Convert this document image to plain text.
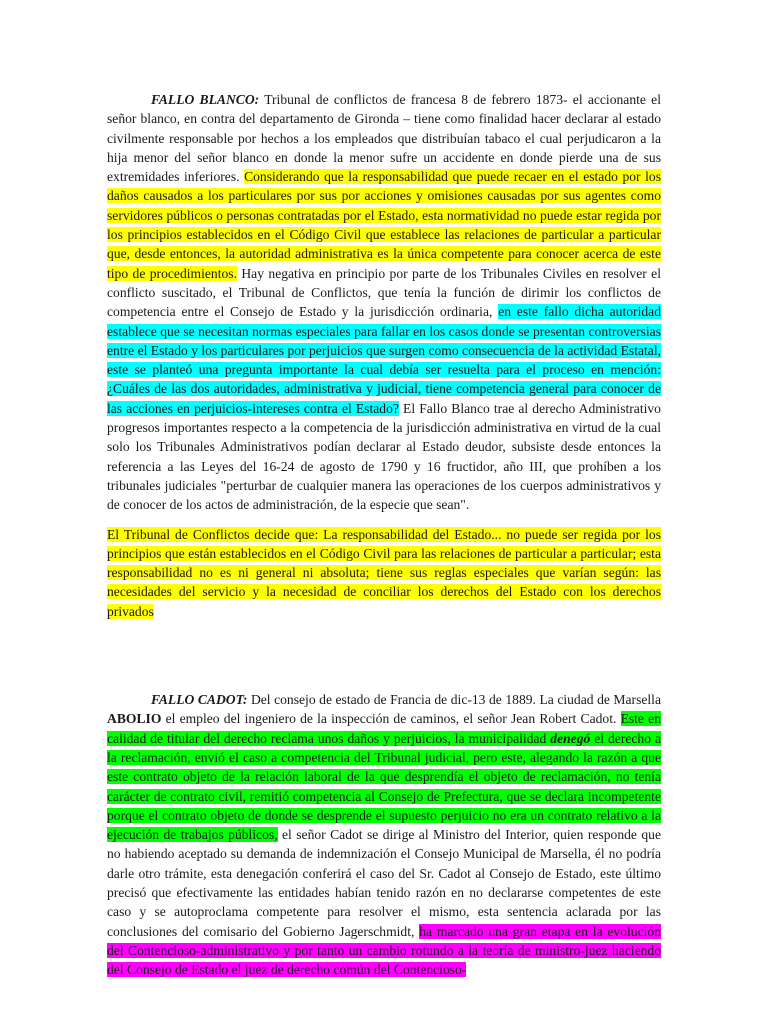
FALLO BLANCO: Tribunal de conflictos de francesa 8 de febrero 1873- el accionante el señor blanco, en contra del departamento de Gironda – tiene como finalidad hacer declarar al estado civilmente responsable por hechos a los empleados que distribuían tabaco el cual perjudicaron a la hija menor del señor blanco en donde la menor sufre un accidente en donde pierde una de sus extremidades inferiores. Considerando que la responsabilidad que puede recaer en el estado por los daños causados a los particulares por sus por acciones y omisiones causadas por sus agentes como servidores públicos o personas contratadas por el Estado, esta normatividad no puede estar regida por los principios establecidos en el Código Civil que establece las relaciones de particular a particular que, desde entonces, la autoridad administrativa es la única competente para conocer acerca de este tipo de procedimientos. Hay negativa en principio por parte de los Tribunales Civiles en resolver el conflicto suscitado, el Tribunal de Conflictos, que tenía la función de dirimir los conflictos de competencia entre el Consejo de Estado y la jurisdicción ordinaria, en este fallo dicha autoridad establece que se necesitan normas especiales para fallar en los casos donde se presentan controversias entre el Estado y los particulares por perjuicios que surgen como consecuencia de la actividad Estatal, este se planteó una pregunta importante la cual debía ser resuelta para el proceso en mención: ¿Cuáles de las dos autoridades, administrativa y judicial, tiene competencia general para conocer de las acciones en perjuicios-intereses contra el Estado? El Fallo Blanco trae al derecho Administrativo progresos importantes respecto a la competencia de la jurisdicción administrativa en virtud de la cual solo los Tribunales Administrativos podían declarar al Estado deudor, subsiste desde entonces la referencia a las Leyes del 16-24 de agosto de 1790 y 16 fructidor, año III, que prohíben a los tribunales judiciales "perturbar de cualquier manera las operaciones de los cuerpos administrativos y de conocer de los actos de administración, de la especie que sean".

El Tribunal de Conflictos decide que: La responsabilidad del Estado... no puede ser regida por los principios que están establecidos en el Código Civil para las relaciones de particular a particular; esta responsabilidad no es ni general ni absoluta; tiene sus reglas especiales que varían según: las necesidades del servicio y la necesidad de conciliar los derechos del Estado con los derechos privados

FALLO CADOT: Del consejo de estado de Francia de dic-13 de 1889. La ciudad de Marsella ABOLIO el empleo del ingeniero de la inspección de caminos, el señor Jean Robert Cadot. Este en calidad de titular del derecho reclama unos daños y perjuicios, la municipalidad denegó el derecho a la reclamación, envió el caso a competencia del Tribunal judicial, pero este, alegando la razón a que este contrato objeto de la relación laboral de la que desprendía el objeto de reclamación, no tenía carácter de contrato civil, remitió competencia al Consejo de Prefectura, que se declara incompetente porque el contrato objeto de donde se desprende el supuesto perjuicio no era un contrato relativo a la ejecución de trabajos públicos, el señor Cadot se dirige al Ministro del Interior, quien responde que no habiendo aceptado su demanda de indemnización el Consejo Municipal de Marsella, él no podría darle otro trámite, esta denegación conferirá el caso del Sr. Cadot al Consejo de Estado, este último precisó que efectivamente las entidades habían tenido razón en no declararse competentes de este caso y se autoproclama competente para resolver el mismo, esta sentencia aclarada por las conclusiones del comisario del Gobierno Jagerschmidt, ha marcado una gran etapa en la evolución del Contencioso-administrativo y por tanto un cambio rotundo a la teoría de ministro-juez haciendo del Consejo de Estado el juez de derecho común del Contencioso-
